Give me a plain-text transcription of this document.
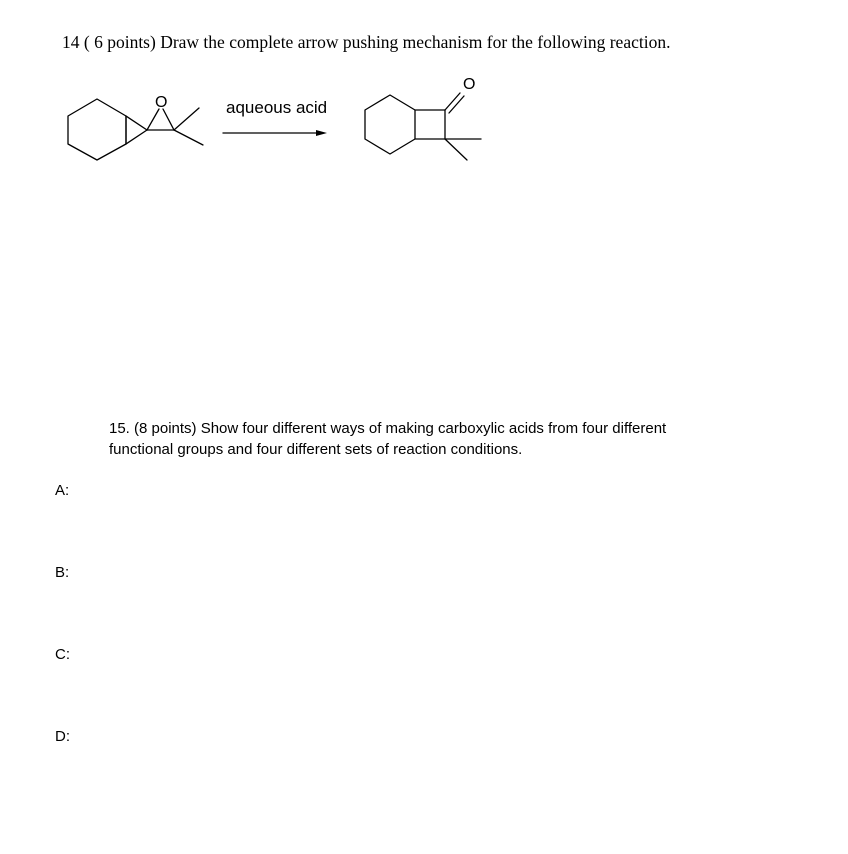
14 ( 6 points) Draw the complete arrow pushing mechanism for the following reaction.
O
O
aqueous acid
15. (8 points) Show four different ways of making carboxylic acids from four different functional groups and four different sets of reaction conditions.
A:
B:
C:
D:
